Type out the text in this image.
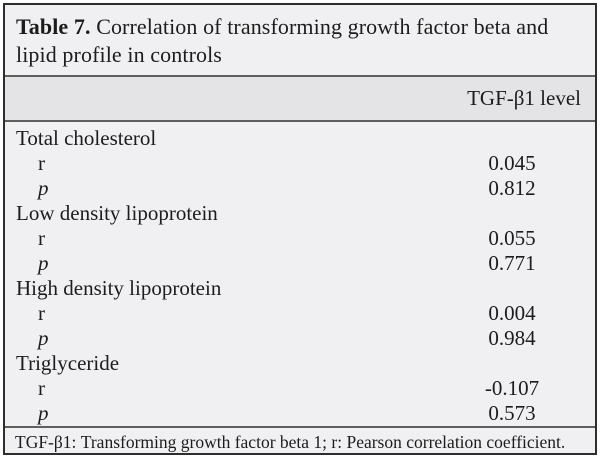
Table 7. Correlation of transforming growth factor beta and lipid profile in controls
TGF-β1 level
Total cholesterol
r	0.045
p	0.812
Low density lipoprotein
r	0.055
p	0.771
High density lipoprotein
r	0.004
p	0.984
Triglyceride
r	-0.107
p	0.573
TGF-β1: Transforming growth factor beta 1; r: Pearson correlation coefficient.
